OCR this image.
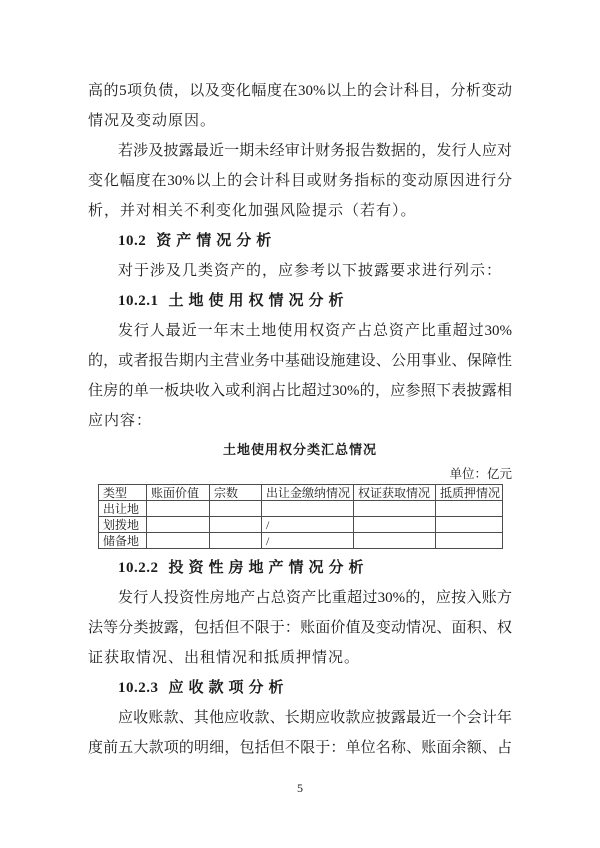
高的5项负债，以及变化幅度在30%以上的会计科目，分析变动
情况及变动原因。
若涉及披露最近一期未经审计财务报告数据的，发行人应对
变化幅度在30%以上的会计科目或财务指标的变动原因进行分
析，并对相关不利变化加强风险提示（若有）。
10.2 资产情况分析
对于涉及几类资产的，应参考以下披露要求进行列示：
10.2.1 土地使用权情况分析
发行人最近一年末土地使用权资产占总资产比重超过30%
的，或者报告期内主营业务中基础设施建设、公用事业、保障性
住房的单一板块收入或利润占比超过30%的，应参照下表披露相
应内容：
土地使用权分类汇总情况
单位：亿元
类型	账面价值	宗数	出让金缴纳情况	权证获取情况	抵质押情况
出让地					
划拨地			/		
储备地			/		
10.2.2 投资性房地产情况分析
发行人投资性房地产占总资产比重超过30%的，应按入账方
法等分类披露，包括但不限于：账面价值及变动情况、面积、权
证获取情况、出租情况和抵质押情况。
10.2.3 应收款项分析
应收账款、其他应收款、长期应收款应披露最近一个会计年
度前五大款项的明细，包括但不限于：单位名称、账面余额、占
5
